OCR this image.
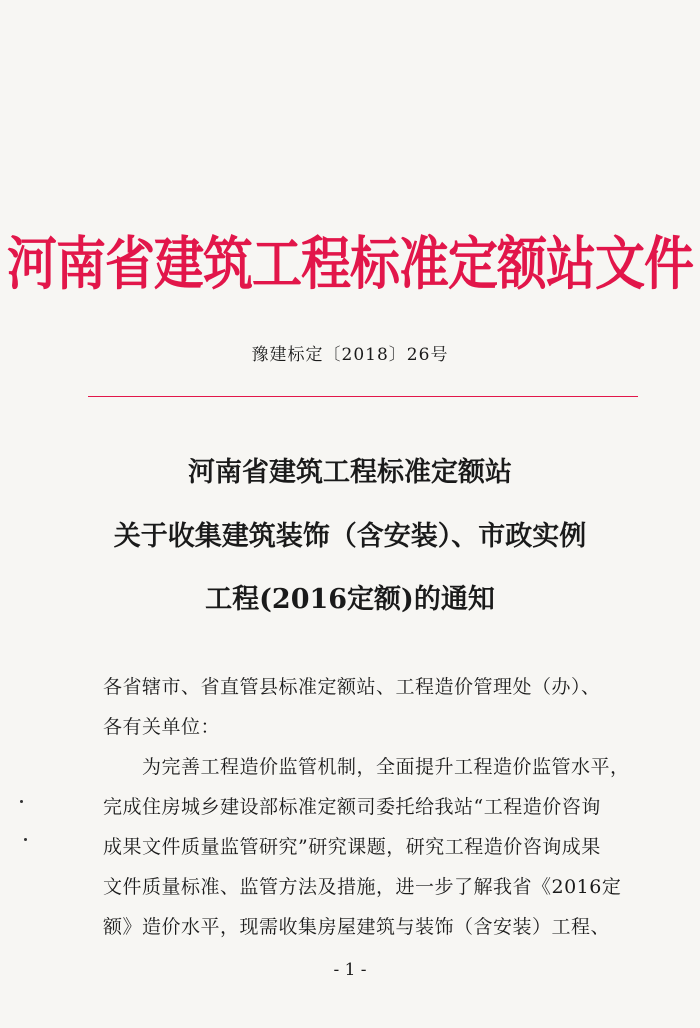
河南省建筑工程标准定额站文件
豫建标定〔2018〕26号
河南省建筑工程标准定额站
关于收集建筑装饰（含安装）、市政实例
工程(2016定额)的通知
各省辖市、省直管县标准定额站、工程造价管理处（办）、
各有关单位：
为完善工程造价监管机制，全面提升工程造价监管水平，
完成住房城乡建设部标准定额司委托给我站“工程造价咨询
成果文件质量监管研究”研究课题，研究工程造价咨询成果
文件质量标准、监管方法及措施，进一步了解我省《2016定
额》造价水平，现需收集房屋建筑与装饰（含安装）工程、
- 1 -
